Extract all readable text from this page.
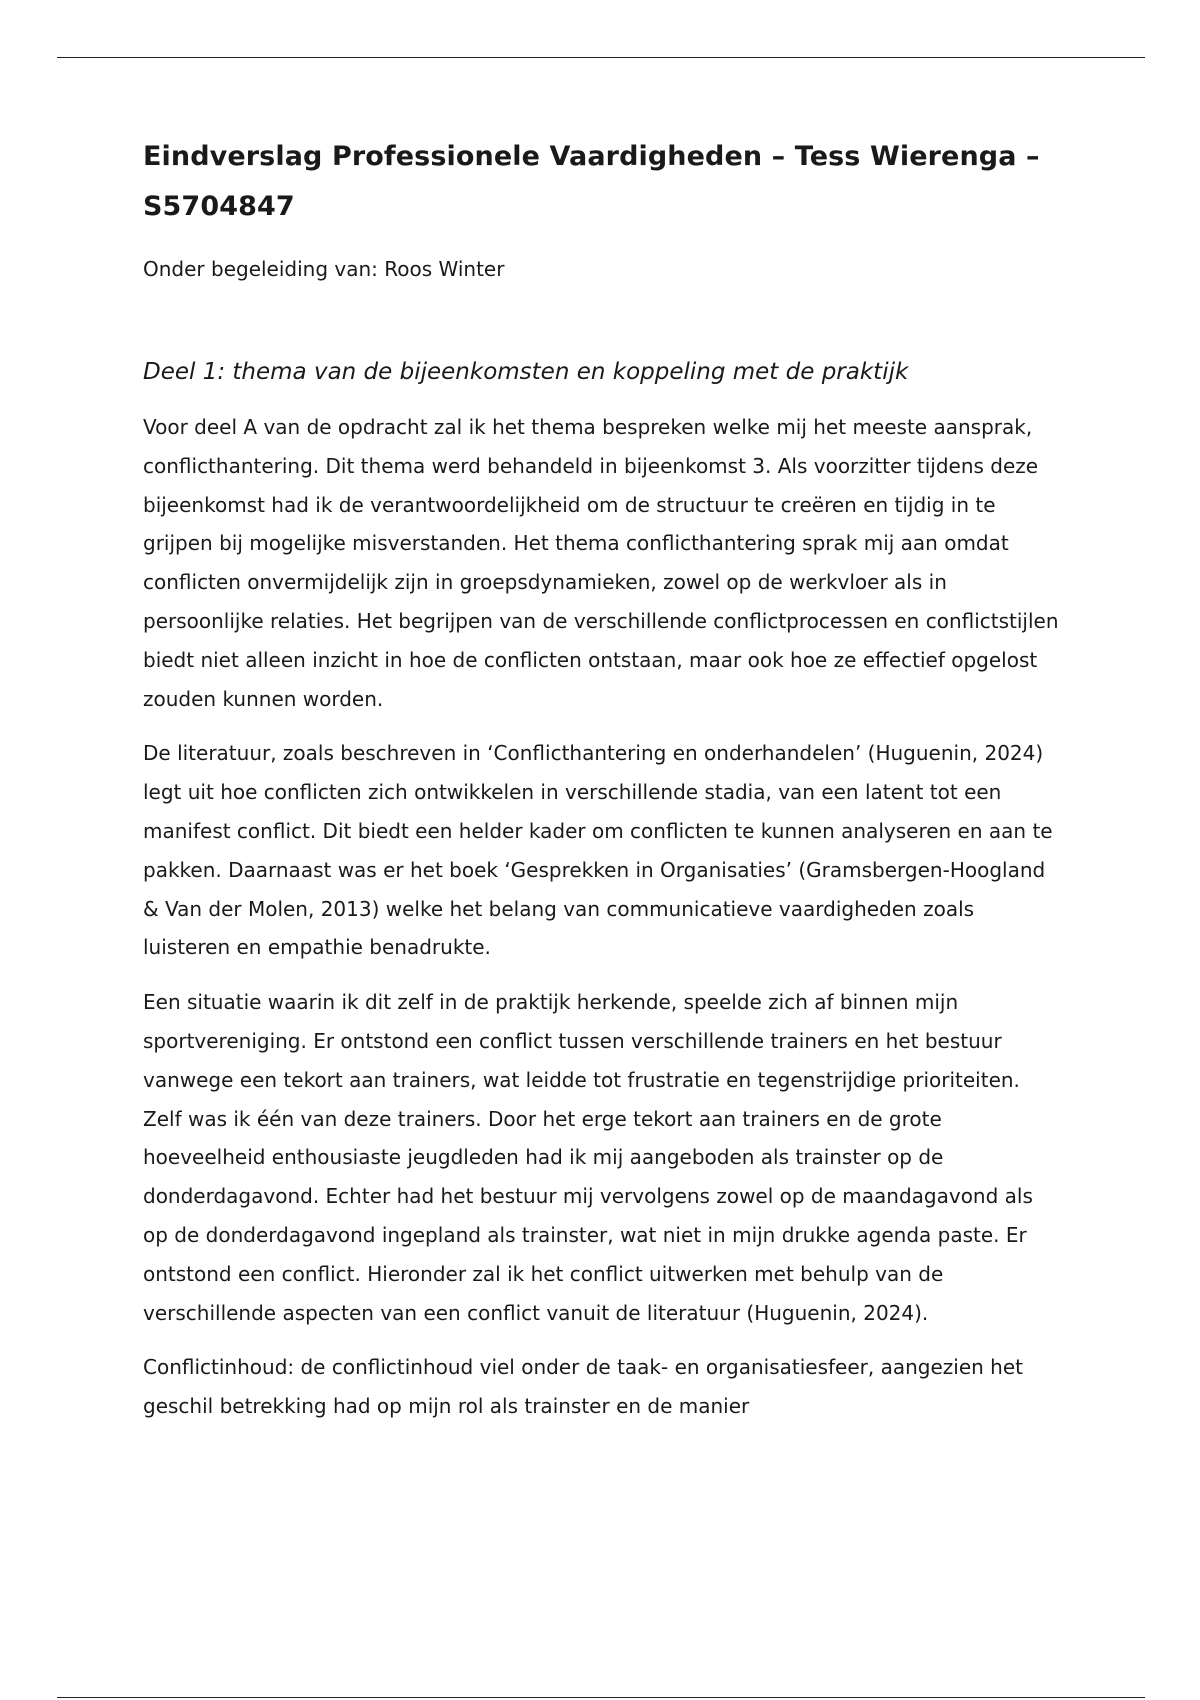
Eindverslag Professionele Vaardigheden – Tess Wierenga – S5704847
Onder begeleiding van: Roos Winter
Deel 1: thema van de bijeenkomsten en koppeling met de praktijk

Voor deel A van de opdracht zal ik het thema bespreken welke mij het meeste aansprak, conflicthantering. Dit thema werd behandeld in bijeenkomst 3. Als voorzitter tijdens deze bijeenkomst had ik de verantwoordelijkheid om de structuur te creëren en tijdig in te grijpen bij mogelijke misverstanden. Het thema conflicthantering sprak mij aan omdat conflicten onvermijdelijk zijn in groepsdynamieken, zowel op de werkvloer als in persoonlijke relaties. Het begrijpen van de verschillende conflictprocessen en conflictstijlen biedt niet alleen inzicht in hoe de conflicten ontstaan, maar ook hoe ze effectief opgelost zouden kunnen worden.

De literatuur, zoals beschreven in ‘Conflicthantering en onderhandelen’ (Huguenin, 2024) legt uit hoe conflicten zich ontwikkelen in verschillende stadia, van een latent tot een manifest conflict. Dit biedt een helder kader om conflicten te kunnen analyseren en aan te pakken. Daarnaast was er het boek ‘Gesprekken in Organisaties’ (Gramsbergen-Hoogland & Van der Molen, 2013) welke het belang van communicatieve vaardigheden zoals luisteren en empathie benadrukte.

Een situatie waarin ik dit zelf in de praktijk herkende, speelde zich af binnen mijn sportvereniging. Er ontstond een conflict tussen verschillende trainers en het bestuur vanwege een tekort aan trainers, wat leidde tot frustratie en tegenstrijdige prioriteiten. Zelf was ik één van deze trainers. Door het erge tekort aan trainers en de grote hoeveelheid enthousiaste jeugdleden had ik mij aangeboden als trainster op de donderdagavond. Echter had het bestuur mij vervolgens zowel op de maandagavond als op de donderdagavond ingepland als trainster, wat niet in mijn drukke agenda paste. Er ontstond een conflict. Hieronder zal ik het conflict uitwerken met behulp van de verschillende aspecten van een conflict vanuit de literatuur (Huguenin, 2024).

Conflictinhoud: de conflictinhoud viel onder de taak- en organisatiesfeer, aangezien het geschil betrekking had op mijn rol als trainster en de manier
